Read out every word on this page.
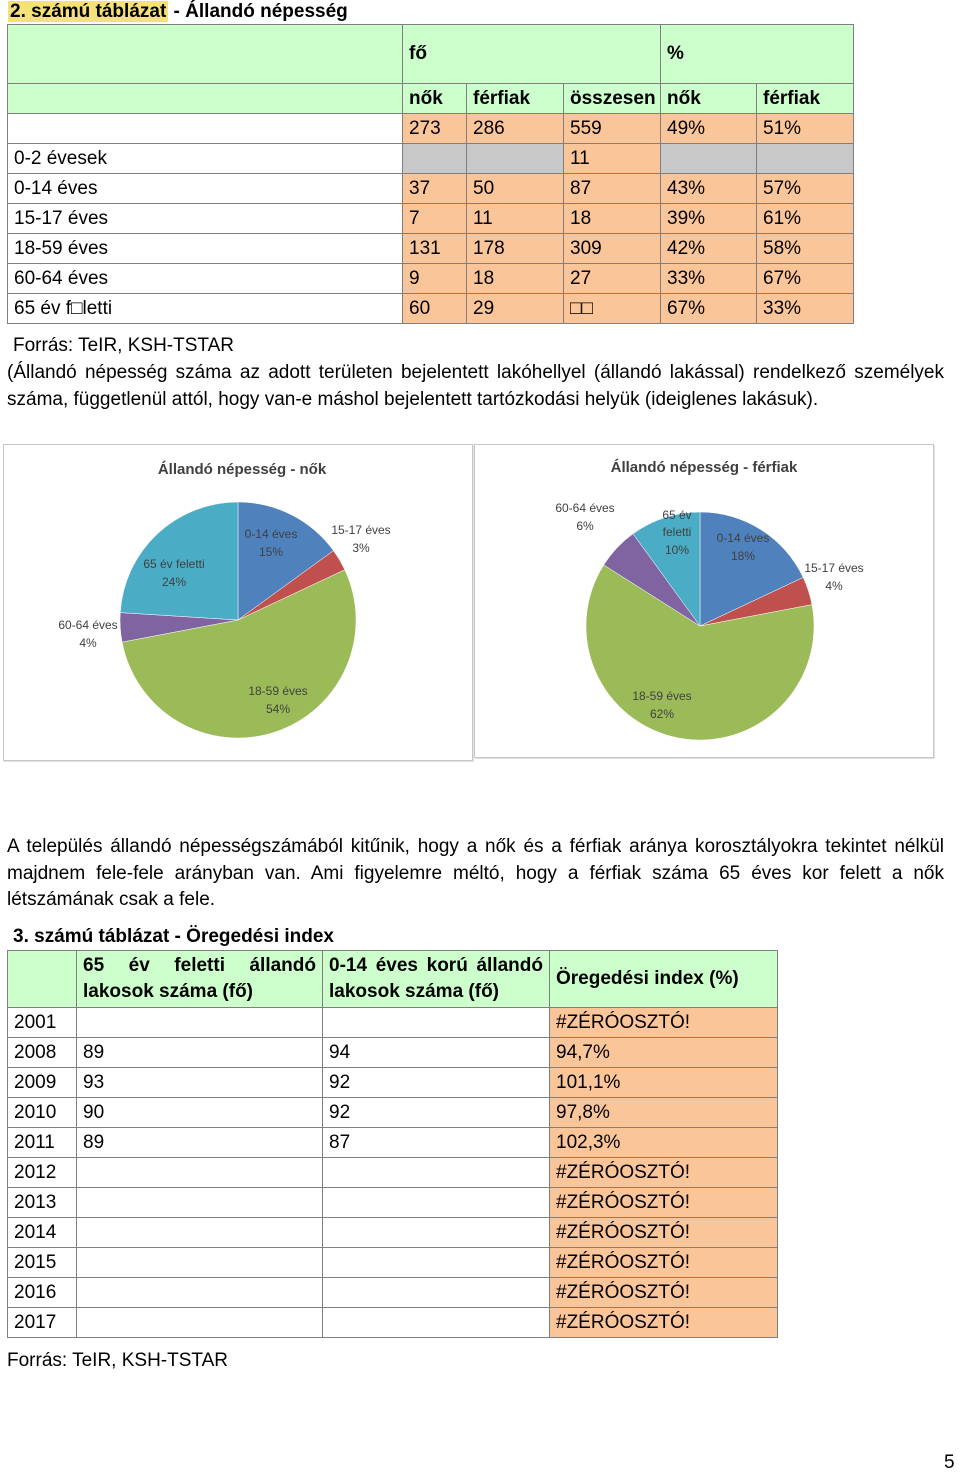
2. számú táblázat - Állandó népesség
	fő			%	
	nők	férfiak	összesen	nők	férfiak
	273	286	559	49%	51%
0-2 évesek			11		
0-14 éves	37	50	87	43%	57%
15-17 éves	7	11	18	39%	61%
18-59 éves	131	178	309	42%	58%
60-64 éves	9	18	27	33%	67%
65 év f□letti	60	29	□□	67%	33%
Forrás: TeIR, KSH-TSTAR
(Állandó népesség száma az adott területen bejelentett lakóhellyel (állandó lakással) rendelkező személyek száma, függetlenül attól, hogy van-e máshol bejelentett tartózkodási helyük (ideiglenes lakásuk).
Állandó népesség - nők
0-14 éves
15%
15-17 éves
3%
18-59 éves
54%
60-64 éves
4%
65 év feletti
24%
Állandó népesség - férfiak
0-14 éves
18%
15-17 éves
4%
18-59 éves
62%
60-64 éves
6%
65 év
feletti
10%
A település állandó népességszámából kitűnik, hogy a nők és a férfiak aránya korosztályokra tekintet nélkül majdnem fele-fele arányban van. Ami figyelemre méltó, hogy a férfiak száma 65 éves kor felett a nők létszámának csak a fele.
3. számú táblázat - Öregedési index
	65 év feletti állandó lakosok száma (fő)	0-14 éves korú állandó lakosok száma (fő)	Öregedési index (%)
2001			#ZÉRÓOSZTÓ!
2008	89	94	94,7%
2009	93	92	101,1%
2010	90	92	97,8%
2011	89	87	102,3%
2012			#ZÉRÓOSZTÓ!
2013			#ZÉRÓOSZTÓ!
2014			#ZÉRÓOSZTÓ!
2015			#ZÉRÓOSZTÓ!
2016			#ZÉRÓOSZTÓ!
2017			#ZÉRÓOSZTÓ!
Forrás: TeIR, KSH-TSTAR
5
